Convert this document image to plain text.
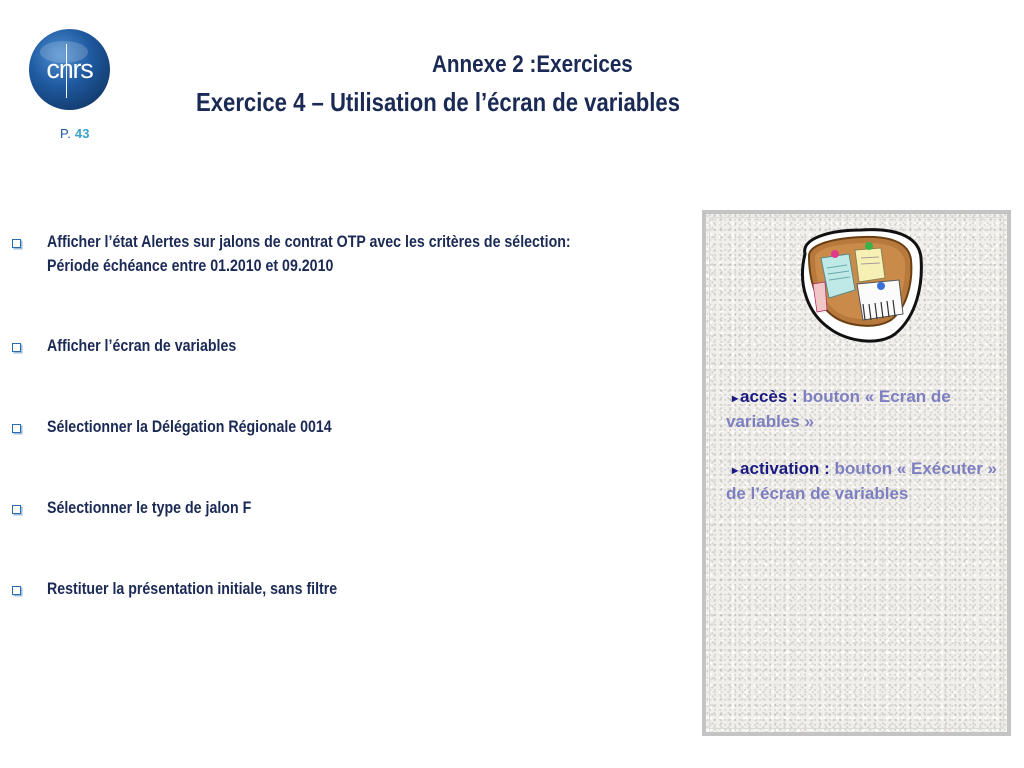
cnrs
P. 43
Annexe 2 :Exercices
Exercice 4 – Utilisation de l’écran de variables
Afficher l’état Alertes sur jalons de contrat OTP avec les critères de sélection:
Période échéance entre 01.2010 et 09.2010
Afficher l’écran de variables
Sélectionner la Délégation Régionale 0014
Sélectionner le type de jalon F
Restituer la présentation initiale, sans filtre
▸ accès : bouton « Ecran de variables »
▸ activation : bouton « Exécuter » de l’écran de variables
